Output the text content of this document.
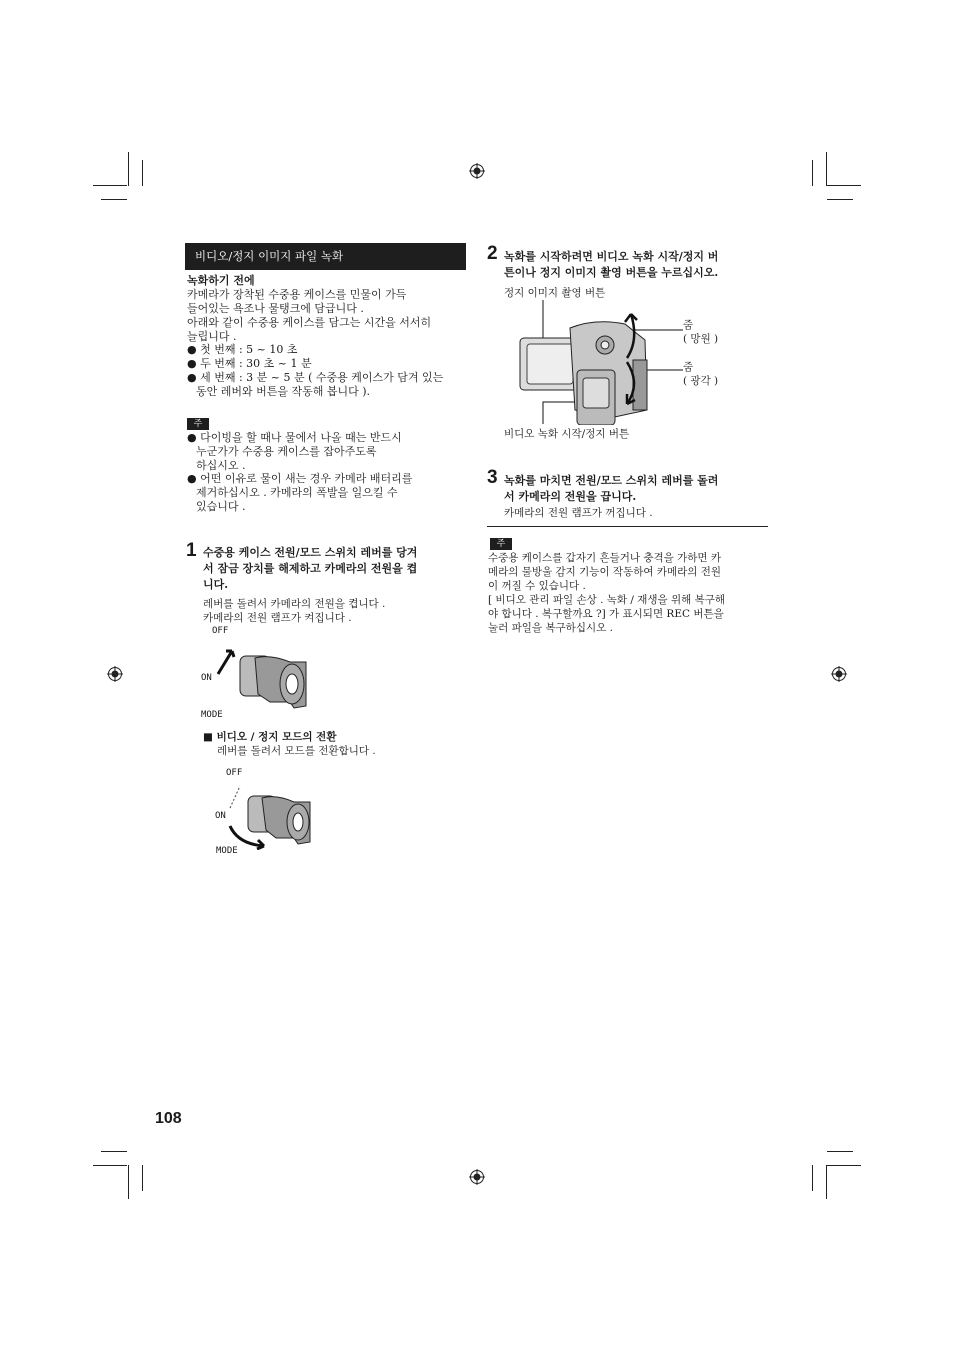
비디오/정지 이미지 파일 녹화
녹화하기 전에
카메라가 장착된 수중용 케이스를 민물이 가득
들어있는 욕조나 물탱크에 담급니다 .
아래와 같이 수중용 케이스를 담그는 시간을 서서히
늘립니다 .
● 첫 번째 : 5 ~ 10 초
● 두 번째 : 30 초 ~ 1 분
● 세 번째 : 3 분 ~ 5 분 ( 수중용 케이스가 담겨 있는
동안 레버와 버튼을 작동해 봅니다 ).
주
● 다이빙을 할 때나 물에서 나올 때는 반드시
누군가가 수중용 케이스를 잡아주도록
하십시오 .
● 어떤 이유로 물이 새는 경우 카메라 배터리를
제거하십시오 . 카메라의 폭발을 일으킬 수
있습니다 .
1 수중용 케이스 전원/모드 스위치 레버를 당겨
서 잠금 장치를 해제하고 카메라의 전원을 켭
니다.
레버를 돌려서 카메라의 전원을 켭니다 .
카메라의 전원 램프가 켜집니다 .
OFF
ON
MODE
■ 비디오 / 정지 모드의 전환
레버를 돌려서 모드를 전환합니다 .
OFF
ON
MODE
108
2 녹화를 시작하려면 비디오 녹화 시작/정지 버
튼이나 정지 이미지 촬영 버튼을 누르십시오.
정지 이미지 촬영 버튼
줌
( 망원 )
줌
( 광각 )
비디오 녹화 시작/정지 버튼
3 녹화를 마치면 전원/모드 스위치 레버를 돌려
서 카메라의 전원을 끕니다.
카메라의 전원 램프가 꺼집니다 .
주
수중용 케이스를 갑자기 흔들거나 충격을 가하면 카
메라의 물방울 감지 기능이 작동하여 카메라의 전원
이 꺼질 수 있습니다 .
[ 비디오 관리 파일 손상 . 녹화 / 재생을 위해 복구해
야 합니다 . 복구할까요 ?] 가 표시되면 REC 버튼을
눌러 파일을 복구하십시오 .
